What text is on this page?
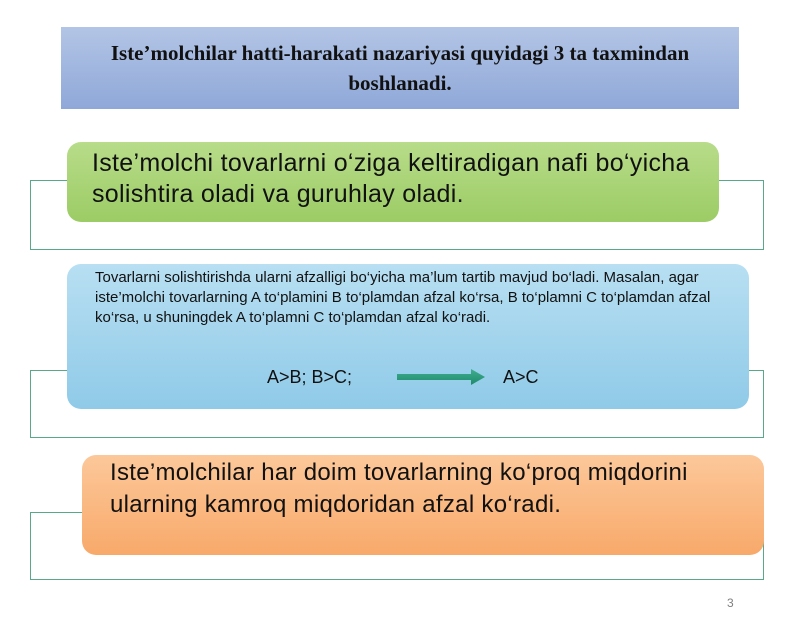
Iste’molchilar hatti-harakati nazariyasi quyidagi 3 ta taxmindan boshlanadi.
Iste’molchi tovarlarni o‘ziga keltiradigan nafi bo‘yicha solishtira oladi va guruhlay oladi.
Tovarlarni solishtirishda ularni afzalligi bo‘yicha ma’lum tartib mavjud bo‘ladi. Masalan, agar iste’molchi tovarlarning A to‘plamini B to‘plamdan afzal ko‘rsa, B to‘plamni C to‘plamdan afzal ko‘rsa, u shuningdek A to‘plamni C to‘plamdan afzal ko‘radi.
A>B; B>C;	A>C
Iste’molchilar har doim tovarlarning ko‘proq miqdorini ularning kamroq miqdoridan afzal ko‘radi.
3
